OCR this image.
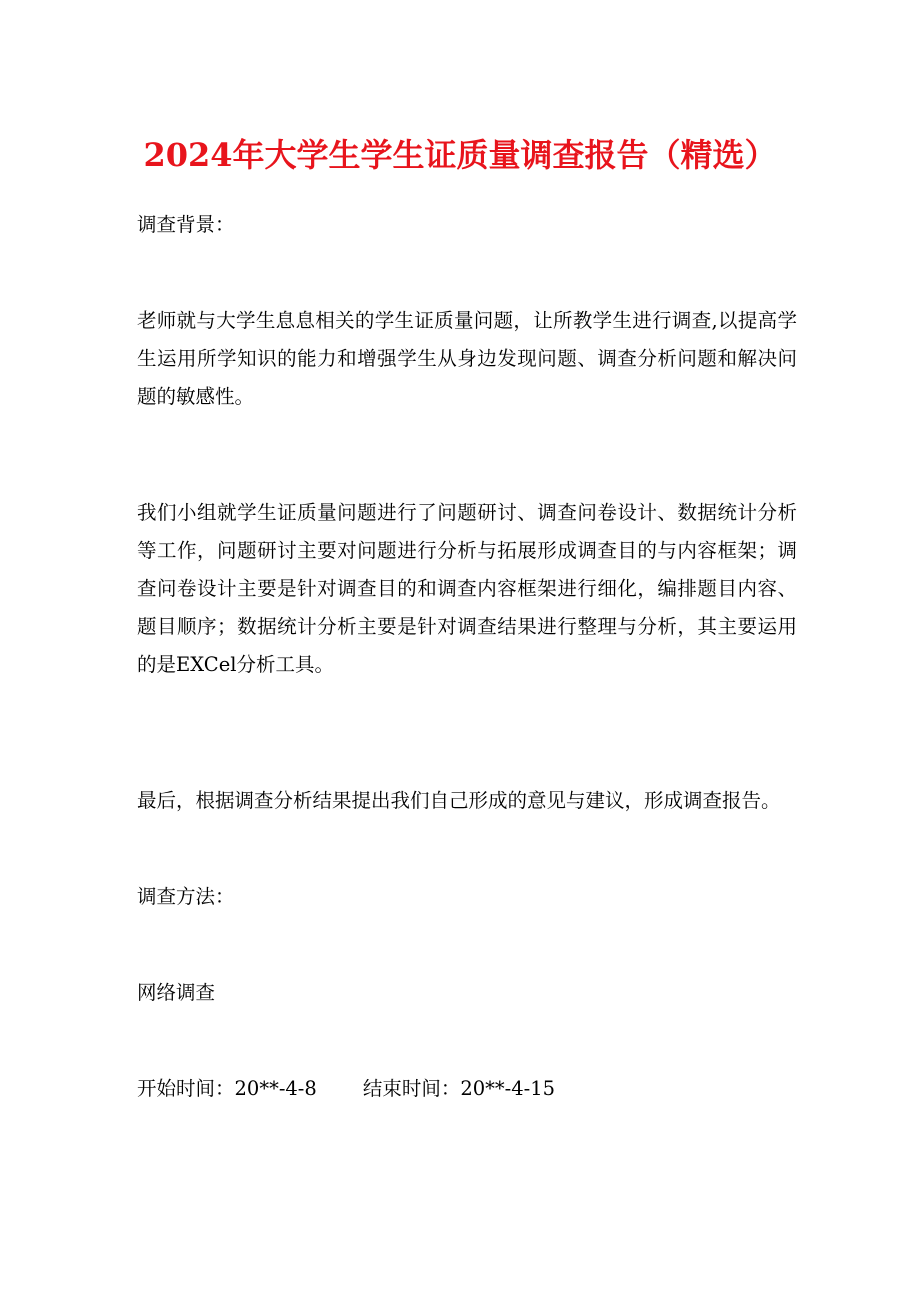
2024年大学生学生证质量调查报告（精选）

调查背景：

老师就与大学生息息相关的学生证质量问题，让所教学生进行调查,以提高学生运用所学知识的能力和增强学生从身边发现问题、调查分析问题和解决问题的敏感性。

我们小组就学生证质量问题进行了问题研讨、调查问卷设计、数据统计分析等工作，问题研讨主要对问题进行分析与拓展形成调查目的与内容框架；调查问卷设计主要是针对调查目的和调查内容框架进行细化，编排题目内容、题目顺序；数据统计分析主要是针对调查结果进行整理与分析，其主要运用的是EXCel分析工具。

最后，根据调查分析结果提出我们自己形成的意见与建议，形成调查报告。

调查方法：

网络调查

开始时间：20**-4-8 结束时间：20**-4-15
